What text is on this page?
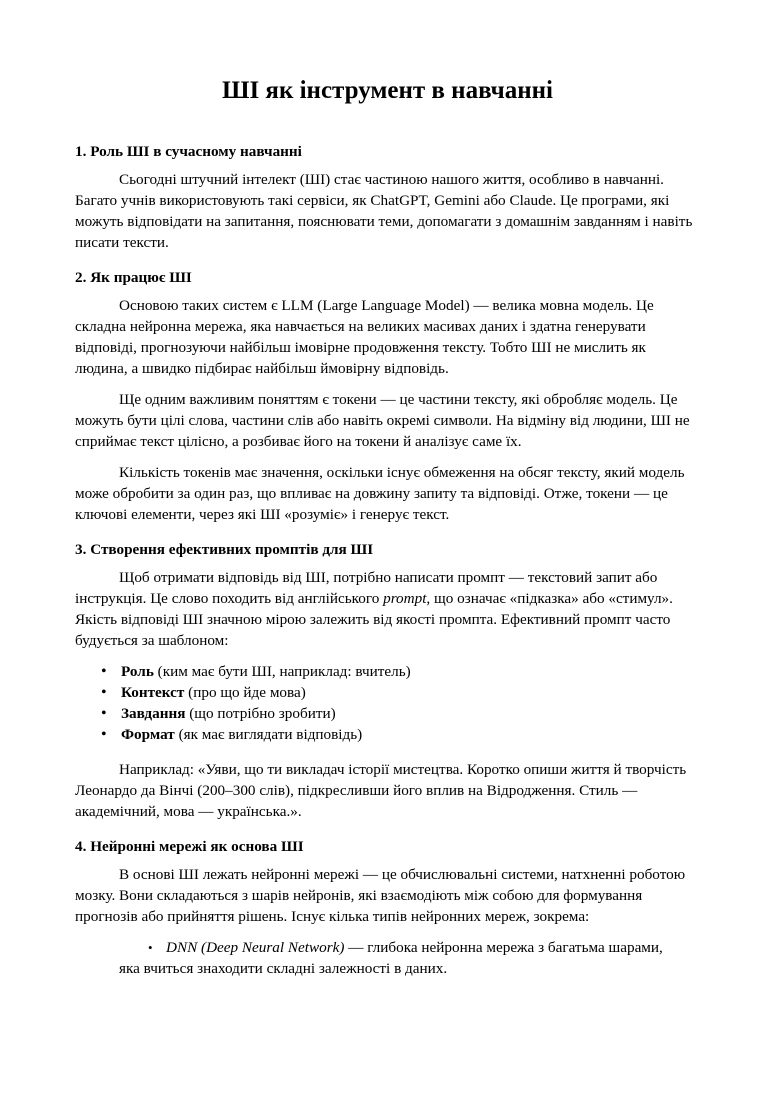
ШІ як інструмент в навчанні
1. Роль ШІ в сучасному навчанні

Сьогодні штучний інтелект (ШІ) стає частиною нашого життя, особливо в навчанні. Багато учнів використовують такі сервіси, як ChatGPT, Gemini або Claude. Це програми, які можуть відповідати на запитання, пояснювати теми, допомагати з домашнім завданням і навіть писати тексти.

2. Як працює ШІ

Основою таких систем є LLM (Large Language Model) — велика мовна модель. Це складна нейронна мережа, яка навчається на великих масивах даних і здатна генерувати відповіді, прогнозуючи найбільш імовірне продовження тексту. Тобто ШІ не мислить як людина, а швидко підбирає найбільш ймовірну відповідь.

Ще одним важливим поняттям є токени — це частини тексту, які обробляє модель. Це можуть бути цілі слова, частини слів або навіть окремі символи. На відміну від людини, ШІ не сприймає текст цілісно, а розбиває його на токени й аналізує саме їх.

Кількість токенів має значення, оскільки існує обмеження на обсяг тексту, який модель може обробити за один раз, що впливає на довжину запиту та відповіді. Отже, токени — це ключові елементи, через які ШІ «розуміє» і генерує текст.

3. Створення ефективних промптів для ШІ

Щоб отримати відповідь від ШІ, потрібно написати промпт — текстовий запит або інструкція. Це слово походить від англійського prompt, що означає «підказка» або «стимул». Якість відповіді ШІ значною мірою залежить від якості промпта. Ефективний промпт часто будується за шаблоном:

• Роль (ким має бути ШІ, наприклад: вчитель)
• Контекст (про що йде мова)
• Завдання (що потрібно зробити)
• Формат (як має виглядати відповідь)

Наприклад: «Уяви, що ти викладач історії мистецтва. Коротко опиши життя й творчість Леонардо да Вінчі (200–300 слів), підкресливши його вплив на Відродження. Стиль — академічний, мова — українська.».

4. Нейронні мережі як основа ШІ

В основі ШІ лежать нейронні мережі — це обчислювальні системи, натхненні роботою мозку. Вони складаються з шарів нейронів, які взаємодіють між собою для формування прогнозів або прийняття рішень. Існує кілька типів нейронних мереж, зокрема:

• DNN (Deep Neural Network) — глибока нейронна мережа з багатьма шарами,
яка вчиться знаходити складні залежності в даних.
